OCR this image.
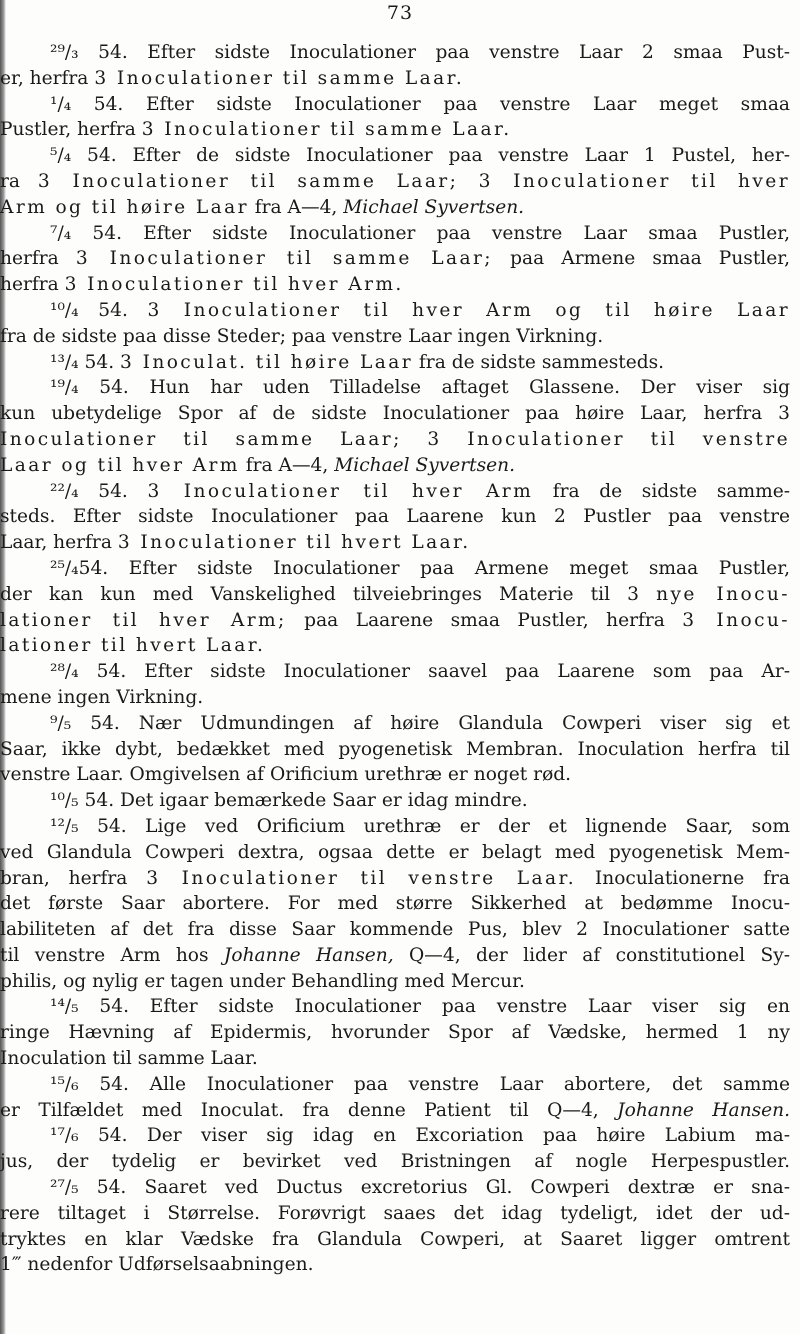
73
²⁹/₃ 54. Efter sidste Inoculationer paa venstre Laar 2 smaa Pust-
er, herfra 3 Inoculationer til samme Laar.
¹/₄ 54. Efter sidste Inoculationer paa venstre Laar meget smaa
Pustler, herfra 3 Inoculationer til samme Laar.
⁵/₄ 54. Efter de sidste Inoculationer paa venstre Laar 1 Pustel, her-
ra 3 Inoculationer til samme Laar; 3 Inoculationer til hver
Arm og til høire Laar fra A—4, Michael Syvertsen.
⁷/₄ 54. Efter sidste Inoculationer paa venstre Laar smaa Pustler,
herfra 3 Inoculationer til samme Laar; paa Armene smaa Pustler,
herfra 3 Inoculationer til hver Arm.
¹⁰/₄ 54. 3 Inoculationer til hver Arm og til høire Laar
fra de sidste paa disse Steder; paa venstre Laar ingen Virkning.
¹³/₄ 54. 3 Inoculat. til høire Laar fra de sidste sammesteds.
¹⁹/₄ 54. Hun har uden Tilladelse aftaget Glassene. Der viser sig
kun ubetydelige Spor af de sidste Inoculationer paa høire Laar, herfra 3
Inoculationer til samme Laar; 3 Inoculationer til venstre
Laar og til hver Arm fra A—4, Michael Syvertsen.
²²/₄ 54. 3 Inoculationer til hver Arm fra de sidste samme-
steds. Efter sidste Inoculationer paa Laarene kun 2 Pustler paa venstre
Laar, herfra 3 Inoculationer til hvert Laar.
²⁵/₄54. Efter sidste Inoculationer paa Armene meget smaa Pustler,
der kan kun med Vanskelighed tilveiebringes Materie til 3 nye Inocu-
lationer til hver Arm; paa Laarene smaa Pustler, herfra 3 Inocu-
lationer til hvert Laar.
²⁸/₄ 54. Efter sidste Inoculationer saavel paa Laarene som paa Ar-
mene ingen Virkning.
⁹/₅ 54. Nær Udmundingen af høire Glandula Cowperi viser sig et
Saar, ikke dybt, bedækket med pyogenetisk Membran. Inoculation herfra til
venstre Laar. Omgivelsen af Orificium urethræ er noget rød.
¹⁰/₅ 54. Det igaar bemærkede Saar er idag mindre.
¹²/₅ 54. Lige ved Orificium urethræ er der et lignende Saar, som
ved Glandula Cowperi dextra, ogsaa dette er belagt med pyogenetisk Mem-
bran, herfra 3 Inoculationer til venstre Laar. Inoculationerne fra
det første Saar abortere. For med større Sikkerhed at bedømme Inocu-
labiliteten af det fra disse Saar kommende Pus, blev 2 Inoculationer satte
til venstre Arm hos Johanne Hansen, Q—4, der lider af constitutionel Sy-
philis, og nylig er tagen under Behandling med Mercur.
¹⁴/₅ 54. Efter sidste Inoculationer paa venstre Laar viser sig en
ringe Hævning af Epidermis, hvorunder Spor af Vædske, hermed 1 ny
Inoculation til samme Laar.
¹⁵/₆ 54. Alle Inoculationer paa venstre Laar abortere, det samme
er Tilfældet med Inoculat. fra denne Patient til Q—4, Johanne Hansen.
¹⁷/₆ 54. Der viser sig idag en Excoriation paa høire Labium ma-
jus, der tydelig er bevirket ved Bristningen af nogle Herpespustler.
²⁷/₅ 54. Saaret ved Ductus excretorius Gl. Cowperi dextræ er sna-
rere tiltaget i Størrelse. Forøvrigt saaes det idag tydeligt, idet der ud-
tryktes en klar Vædske fra Glandula Cowperi, at Saaret ligger omtrent
1‴ nedenfor Udførselsaabningen.
